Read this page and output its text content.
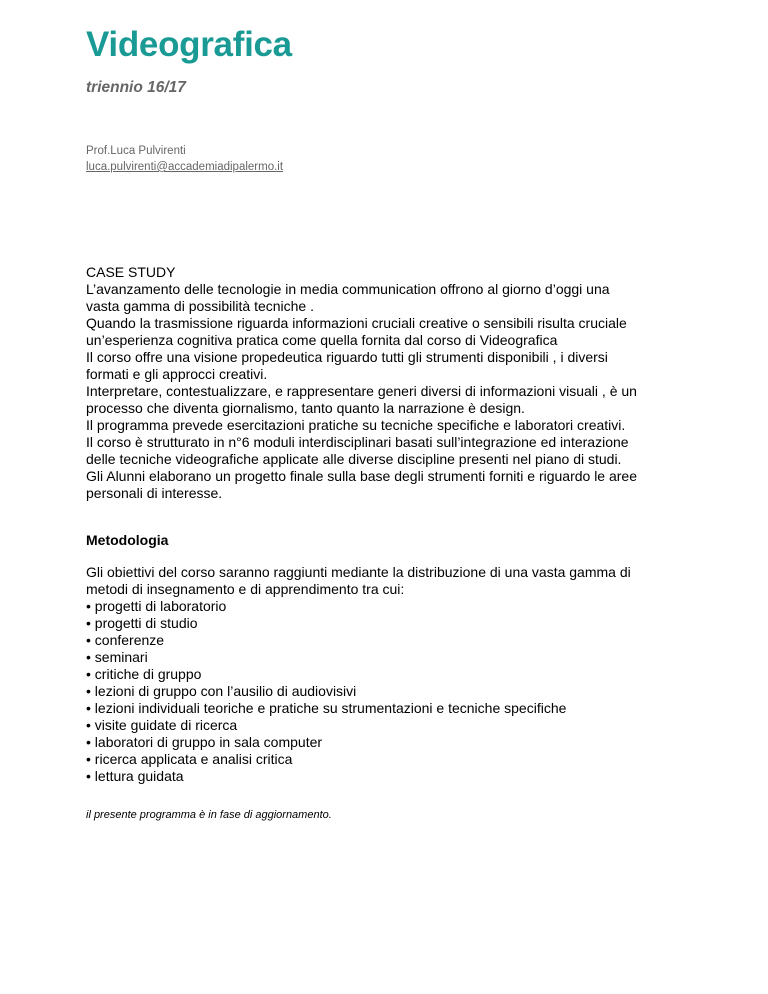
Videografica
triennio 16/17
Prof.Luca Pulvirenti
luca.pulvirenti@accademiadipalermo.it

CASE STUDY

L’avanzamento delle tecnologie in media communication offrono al giorno d’oggi una

vasta gamma di possibilità tecniche .

Quando la trasmissione riguarda informazioni cruciali creative o sensibili risulta cruciale

un’esperienza cognitiva pratica come quella fornita dal corso di Videografica

Il corso offre una visione propedeutica riguardo tutti gli strumenti disponibili , i diversi

formati e gli approcci creativi.

Interpretare, contestualizzare, e rappresentare generi diversi di informazioni visuali , è un

processo che diventa giornalismo, tanto quanto la narrazione è design.

Il programma prevede esercitazioni pratiche su tecniche specifiche e laboratori creativi.

Il corso è strutturato in n°6 moduli interdisciplinari basati sull’integrazione ed interazione

delle tecniche videografiche applicate alle diverse discipline presenti nel piano di studi.

Gli Alunni elaborano un progetto finale sulla base degli strumenti forniti e riguardo le aree

personali di interesse.

Metodologia

Gli obiettivi del corso saranno raggiunti mediante la distribuzione di una vasta gamma di

metodi di insegnamento e di apprendimento tra cui:

• progetti di laboratorio
• progetti di studio
• conferenze
• seminari
• critiche di gruppo
• lezioni di gruppo con l’ausilio di audiovisivi
• lezioni individuali teoriche e pratiche su strumentazioni e tecniche specifiche
• visite guidate di ricerca
• laboratori di gruppo in sala computer
• ricerca applicata e analisi critica
• lettura guidata

il presente programma è in fase di aggiornamento.
